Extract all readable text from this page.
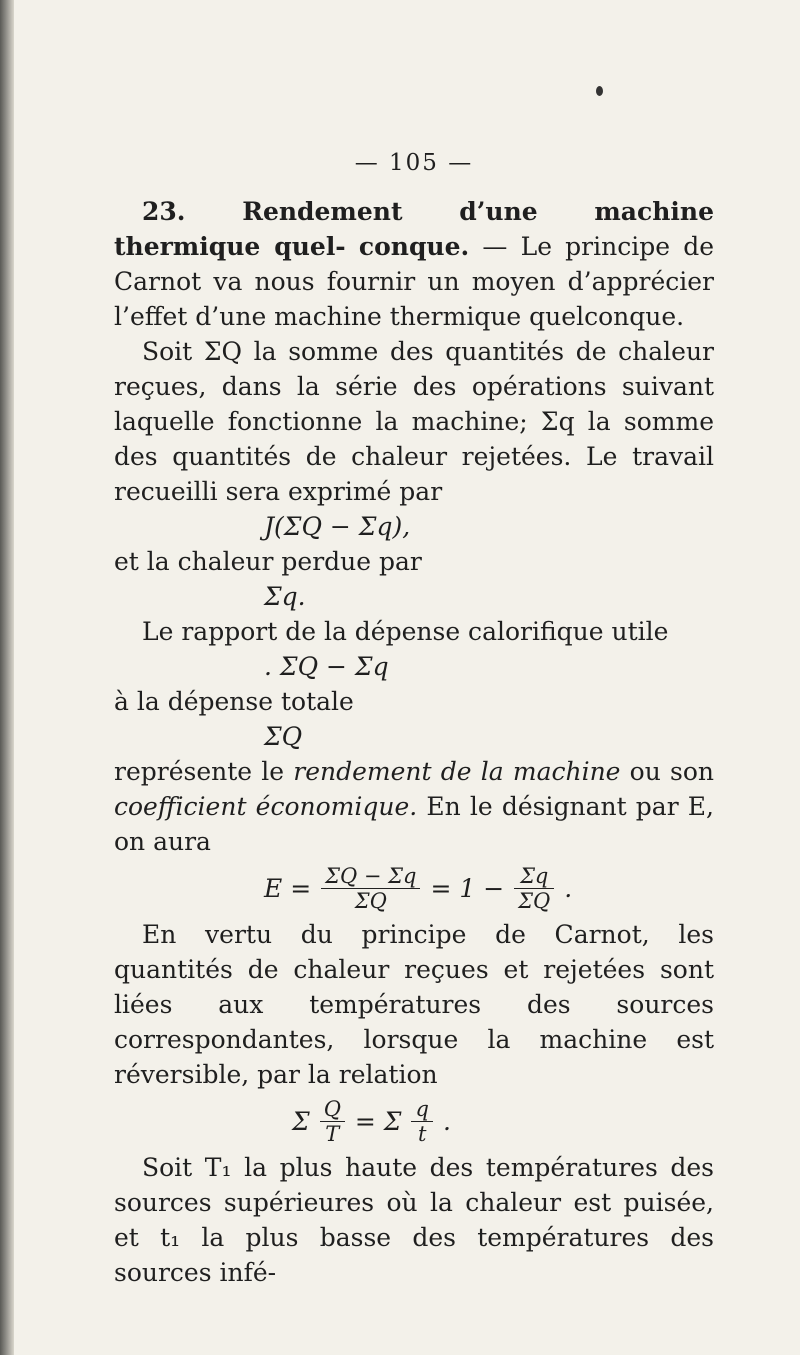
— 105 —

23. Rendement d’une machine thermique quel- conque. — Le principe de Carnot va nous fournir un moyen d’apprécier l’effet d’une machine thermique quelconque.

Soit ΣQ la somme des quantités de chaleur reçues, dans la série des opérations suivant laquelle fonctionne la machine; Σq la somme des quantités de chaleur rejetées. Le travail recueilli sera exprimé par

J(ΣQ − Σq),

et la chaleur perdue par

Σq.

Le rapport de la dépense calorifique utile

. ΣQ − Σq

à la dépense totale

ΣQ

représente le rendement de la machine ou son coefficient économique. En le désignant par E, on aura

$E = \frac{\Sigma Q - \Sigma q}{\Sigma Q} = 1 - \frac{\Sigma q}{\Sigma Q}$ .

En vertu du principe de Carnot, les quantités de chaleur reçues et rejetées sont liées aux températures des sources correspondantes, lorsque la machine est réversible, par la relation

Σ $\frac{Q}{T} = \Sigma \frac{q}{t}$ .

Soit T₁ la plus haute des températures des sources supérieures où la chaleur est puisée, et t₁ la plus basse des températures des sources infé-
